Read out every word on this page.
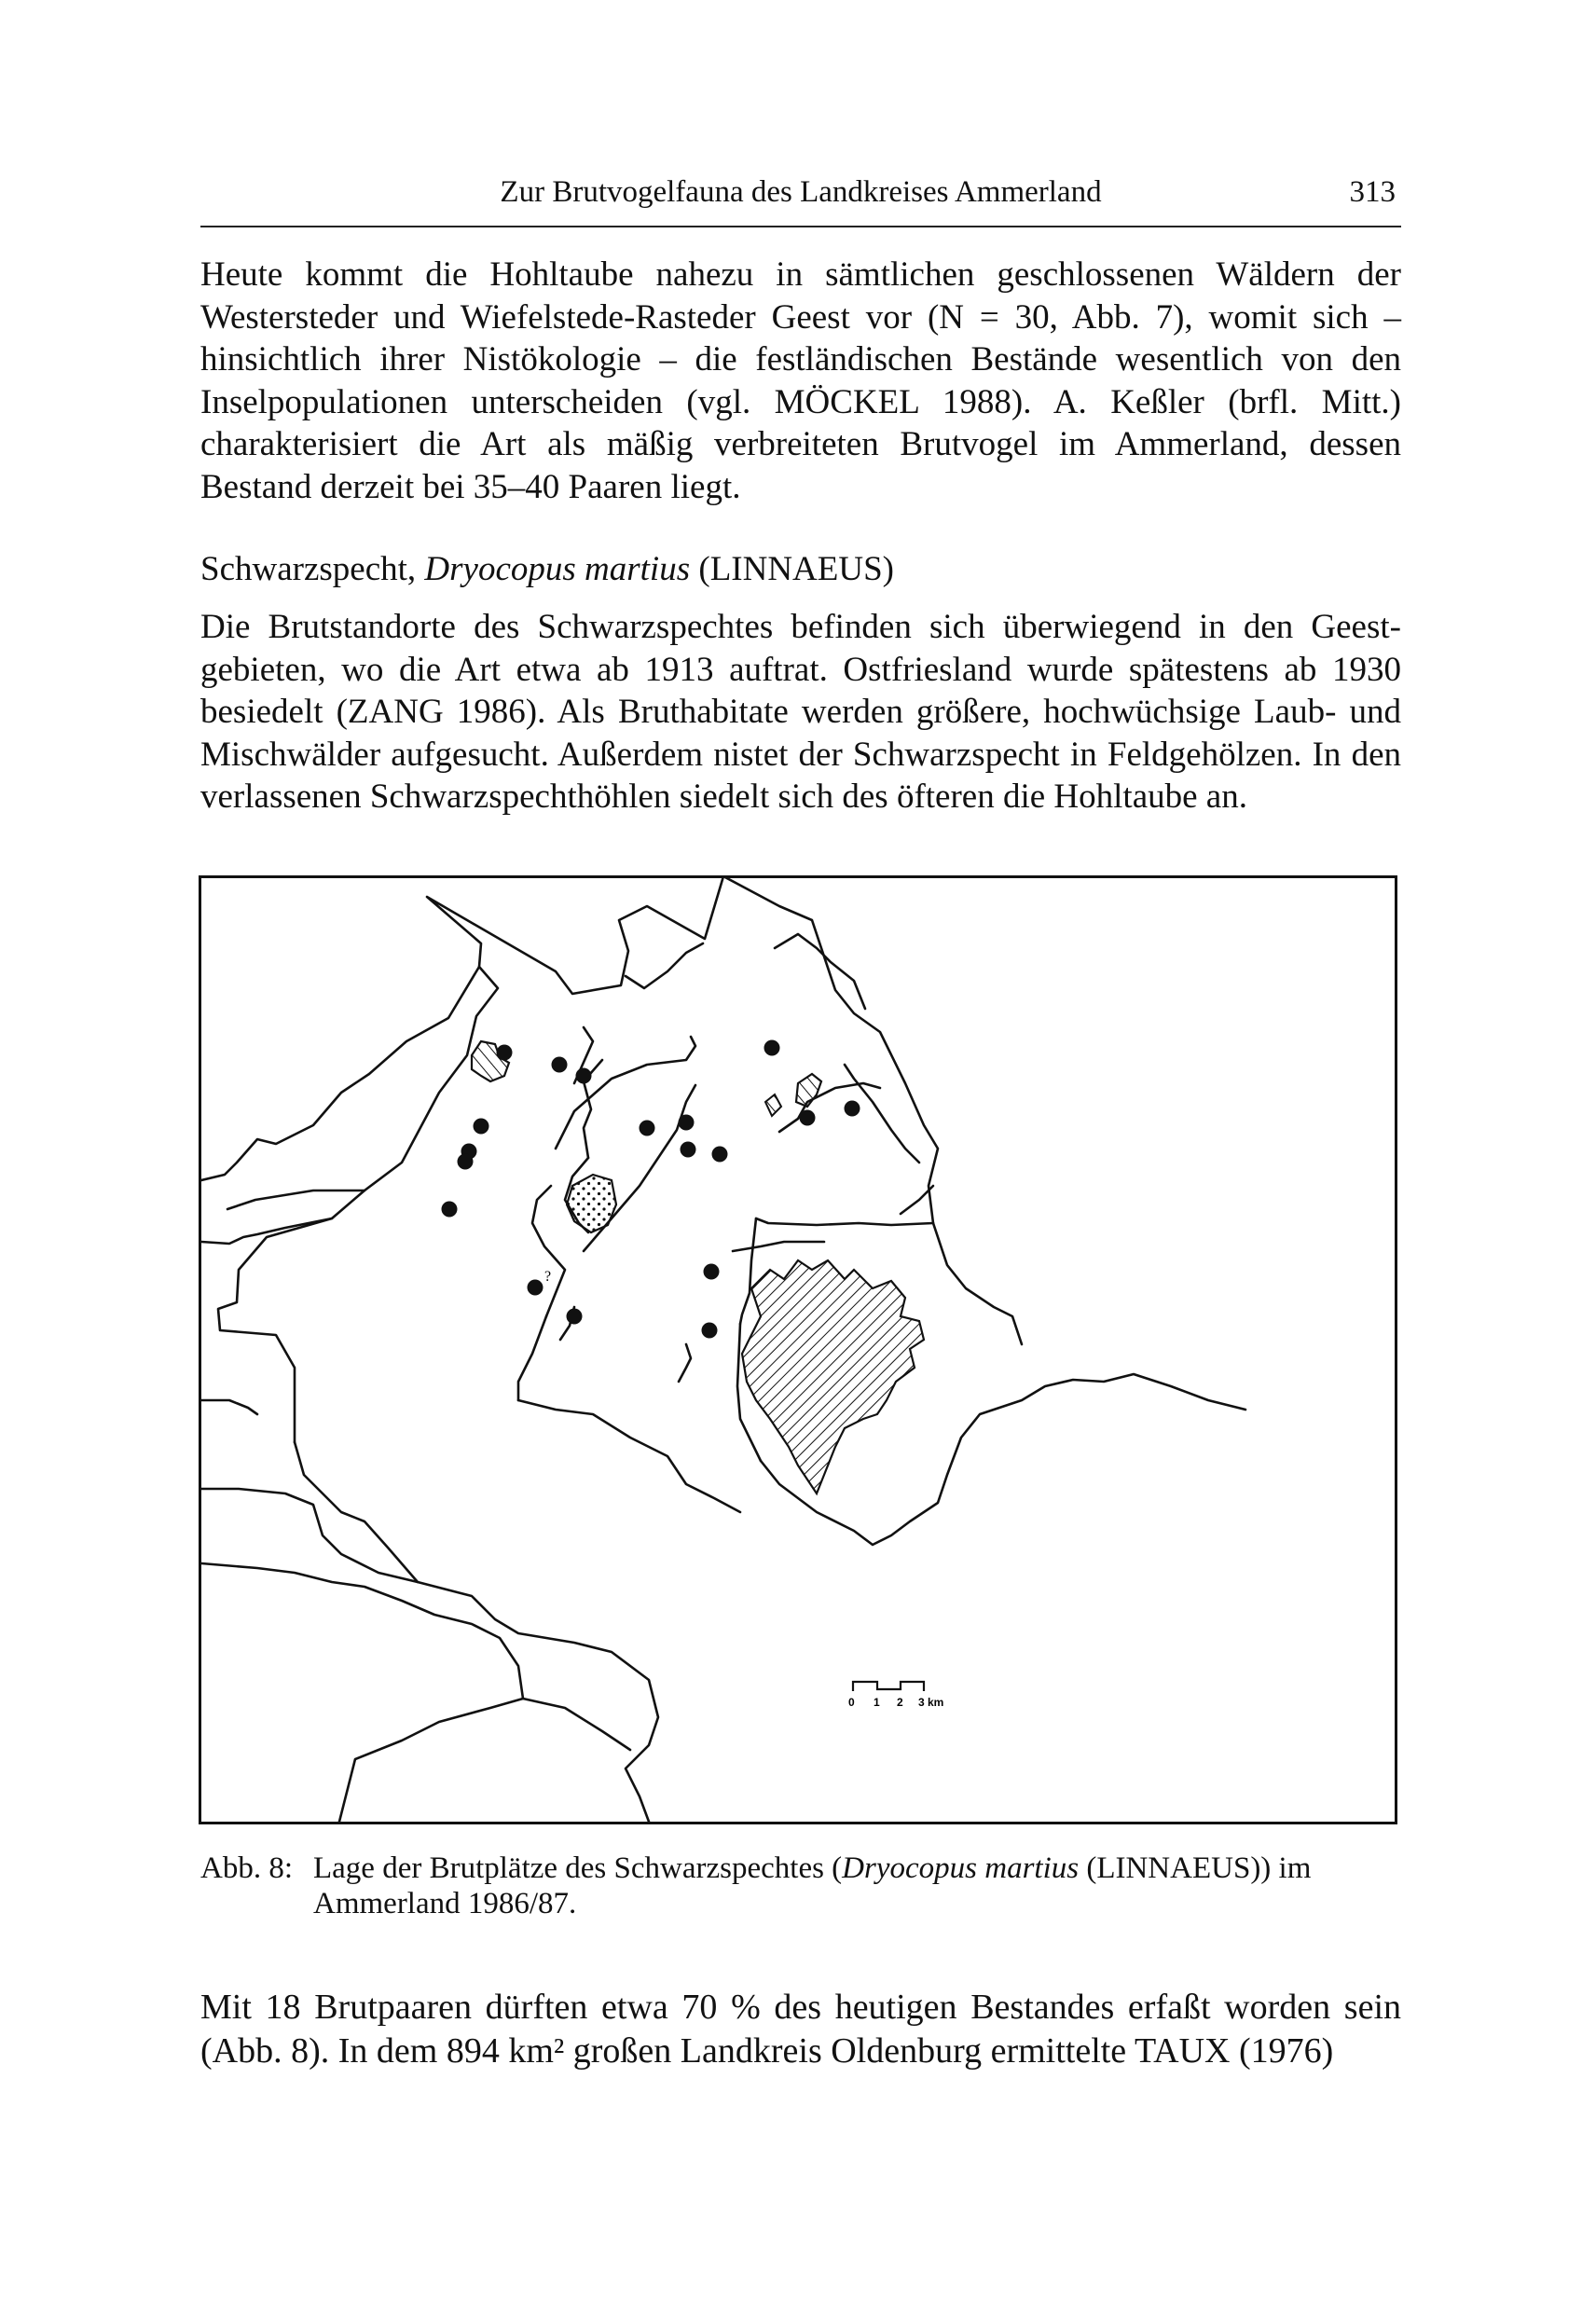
Zur Brutvogelfauna des Landkreises Ammerland	313

Heute kommt die Hohltaube nahezu in sämtlichen geschlossenen Wäldern der Westersteder und Wiefelstede-Rasteder Geest vor (N = 30, Abb. 7), womit sich – hinsichtlich ihrer Nistökologie – die festländischen Bestände wesentlich von den Inselpopulationen unterscheiden (vgl. MÖCKEL 1988). A. Keßler (brfl. Mitt.) charakterisiert die Art als mäßig verbreiteten Brutvogel im Ammerland, dessen Bestand derzeit bei 35–40 Paaren liegt.

Schwarzspecht, Dryocopus martius (LINNAEUS)

Die Brutstandorte des Schwarzspechtes befinden sich überwiegend in den Geestgebieten, wo die Art etwa ab 1913 auftrat. Ostfriesland wurde spätestens ab 1930 besiedelt (ZANG 1986). Als Bruthabitate werden größere, hochwüchsige Laub- und Mischwälder aufgesucht. Außerdem nistet der Schwarzspecht in Feldgehölzen. In den verlassenen Schwarzspechthöhlen siedelt sich des öfteren die Hohltaube an.

0 1 2 3 km
?
Abb. 8: Lage der Brutplätze des Schwarzspechtes (Dryocopus martius (LINNAEUS)) im Ammerland 1986/87.

Mit 18 Brutpaaren dürften etwa 70 % des heutigen Bestandes erfaßt worden sein (Abb. 8). In dem 894 km² großen Landkreis Oldenburg ermittelte TAUX (1976)
